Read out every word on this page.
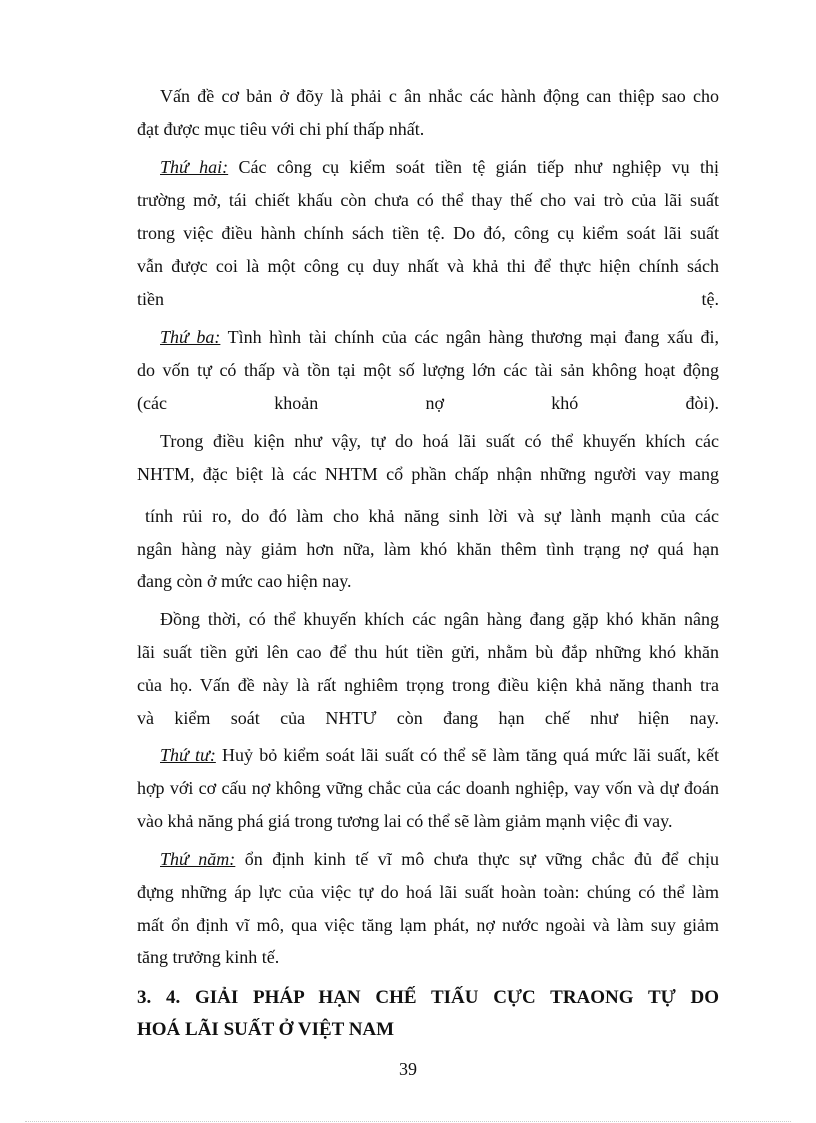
Vấn đề cơ bản ở đõy là phải c ân nhắc các hành động can thiệp sao cho
đạt được mục tiêu với chi phí thấp nhất.
Thứ hai: Các công cụ kiểm soát tiền tệ gián tiếp như nghiệp vụ thị
trường mở, tái chiết khấu còn chưa có thể thay thế cho vai trò của lãi suất
trong việc điều hành chính sách tiền tệ. Do đó, công cụ kiểm soát lãi suất
vẫn được coi là một công cụ duy nhất và khả thi để thực hiện chính sách
tiền tệ.
Thứ ba: Tình hình tài chính của các ngân hàng thương mại đang xấu đi,
do vốn tự có thấp và tồn tại một số lượng lớn các tài sản không hoạt động
(các khoản nợ khó đòi).
Trong điều kiện như vậy, tự do hoá lãi suất có thể khuyến khích các
NHTM, đặc biệt là các NHTM cổ phần chấp nhận những người vay mang
tính rủi ro, do đó làm cho khả năng sinh lời và sự lành mạnh của các
ngân hàng này giảm hơn nữa, làm khó khăn thêm tình trạng nợ quá hạn
đang còn ở mức cao hiện nay.
Đồng thời, có thể khuyến khích các ngân hàng đang gặp khó khăn nâng
lãi suất tiền gửi lên cao để thu hút tiền gửi, nhằm bù đắp những khó khăn
của họ. Vấn đề này là rất nghiêm trọng trong điều kiện khả năng thanh tra
và kiểm soát của NHTƯ còn đang hạn chế như hiện nay.
Thứ tư: Huỷ bỏ kiểm soát lãi suất có thể sẽ làm tăng quá mức lãi suất, kết
hợp với cơ cấu nợ không vững chắc của các doanh nghiệp, vay vốn và dự đoán
vào khả năng phá giá trong tương lai có thể sẽ làm giảm mạnh việc đi vay.
Thứ năm: ổn định kinh tế vĩ mô chưa thực sự vững chắc đủ để chịu
đựng những áp lực của việc tự do hoá lãi suất hoàn toàn: chúng có thể làm
mất ổn định vĩ mô, qua việc tăng lạm phát, nợ nước ngoài và làm suy giảm
tăng trưởng kinh tế.
3. 4. GIẢI PHÁP HẠN CHẾ TIẤU CỰC TRAONG TỰ DO
HOÁ LÃI SUẤT Ở VIỆT NAM
39
